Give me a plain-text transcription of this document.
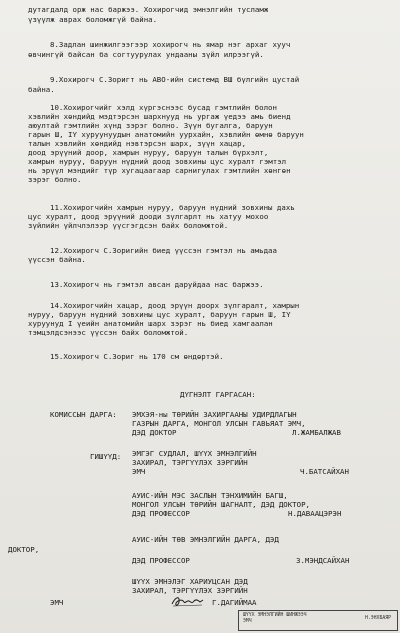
дутагдалд орж нас баржээ. Хохирогчид эмнэлгийн тусламж
үзүүлж аврах боломжгүй байна.
8.Задлан шинжилгээгээр хохирогч нь ямар нэг архаг хууч
өвчингүй байсан ба согтуурулах ундааны зүйл илрээгүй.
9.Хохирогч С.Зоригт нь АВО-ийн системд ВШ бүлгийн цустай
байна.
10.Хохирогчийг хэлд хүргэснээс бусад гэмтлийн болон
хэвлийн хөндийд мэдтэрсэн шархнууд нь ургаж үедээ амь биенд
аюултай гэмтлийн хүнд зэрэг болно. Зүүн бугалга, баруун
гарын Ш, IY хуруунуудын анатомийн уурхайн, хэвлийн өмнө баруун
талын хэвлийн хөндийд нэвтэрсэн шарх, зүүн хацар,
доод эрүүний доор, хамрын нуруу, баруун талын бүрхэлт,
хамрын нуруу, баруун нүдний доод зовхины цус хуралт гэмтэл
нь эрүүл мэндийг түр хугацаагаар сарнигулах гэмтлийн хөнгөн
зэрэг болно.
11.Хохирогчийн хамрын нуруу, баруун нүдний зовхины дахь
цус хуралт, доод эрүүний дооди зүлгарлт нь хатуу мохоо
зүйлийн үйлчлэлээр үүсгэгдсэн байх боломжтой.
12.Хохирогч С.Зоригийн биед үүссэн гэмтэл нь амьдаа
үүссэн байна.
13.Хохирогч нь гэмтэл авсан даруйдаа нас баржээ.
14.Хохирогчийн хацар, доод эрүүн доорх зүлгаралт, хамрын
нуруу, баруун нүдний зовхины цус хуралт, баруун гарын Ш, IY
хуруунуд I үеийн анатомийн шарх зэрэг нь биед хамгаалан
тэмцэлдсэнээс үүссэн байх боломжтой.
15.Хохирогч С.Зориг нь 170 см өндөртэй.
ДҮГНЭЛТ ГАРГАСАН:
КОМИССЫН ДАРГА: ЭМХЭЯ-ны ТӨРИЙН ЗАХИРГААНЫ УДИРДЛАГЫН
ГАЗРЫН ДАРГА, МОНГОЛ УЛСЫН ГАВЬЯАТ ЭМЧ,
ДЭД ДОКТОР	Л.ЖАМБАЛЖАВ
ГИШҮҮД: ЭМГЭГ СУДЛАЛ, ШҮҮХ ЭМНЭЛГИЙН
ЗАХИРАЛ, ТЭРГҮҮЛЭХ ЗЭРГИЙН
ЭМЧ	Ч.БАТСАЙХАН
АУИС-ИЙН МЭС ЗАСЛЫН ТЭНХИМИЙН БАГШ,
МОНГОЛ УЛСЫН ТӨРИЙН ШАГНАЛТ, ДЭД ДОКТОР,
ДЭД ПРОФЕССОР	Н.ДАВААЦЭРЭН
АУИС-ИЙН ТӨВ ЭМНЭЛГИЙН ДАРГА, ДЭД
ДОКТОР,
ДЭД ПРОФЕССОР	З.МЭНДСАЙХАН
ШҮҮХ ЭМНЭЛЭГ ХАРИУЦСАН ДЭД
ЗАХИРАЛ, ТЭРГҮҮЛЭХ ЗЭРГИЙН
ЭМЧ	Г.ДАГИЙМАА
ШҮҮХ ЭМНЭЛГИЙН ШИНЖЭЭЧ
ЭМЧ
Н.ЭНХБАЯР
